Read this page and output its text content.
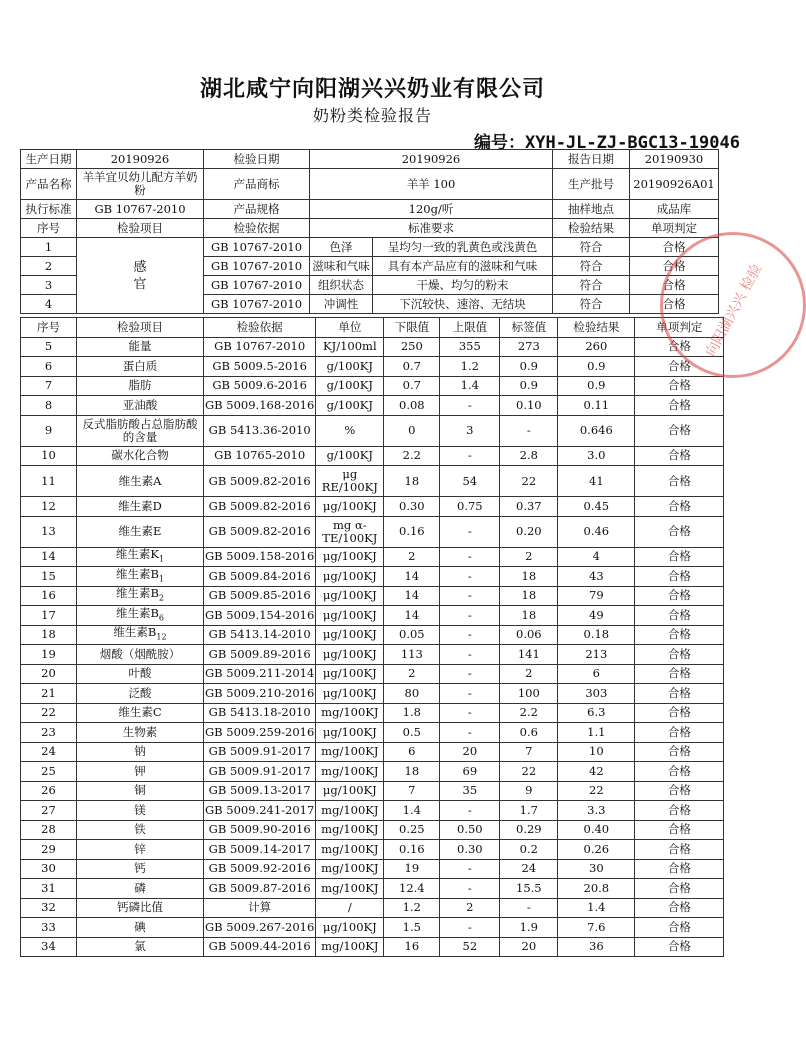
湖北咸宁向阳湖兴兴奶业有限公司
奶粉类检验报告
编号：XYH-JL-ZJ-BGC13-19046
生产日期	20190926	检验日期	20190926		报告日期	20190930
产品名称	羊羊宜贝幼儿配方羊奶粉	产品商标	羊羊 100		生产批号	20190926A01
执行标准	GB 10767-2010	产品规格	120g/听		抽样地点	成品库
序号	检验项目	检验依据	标准要求		检验结果	单项判定
1	感官	GB 10767-2010	色泽	呈均匀一致的乳黄色或浅黄色	符合	合格
2		GB 10767-2010	滋味和气味	具有本产品应有的滋味和气味	符合	合格
3		GB 10767-2010	组织状态	干燥、均匀的粉末	符合	合格
4		GB 10767-2010	冲调性	下沉较快、速溶、无结块	符合	合格
序号	检验项目	检验依据	单位	下限值	上限值	标签值	检验结果	单项判定
5	能量	GB 10767-2010	KJ/100ml	250	355	273	260	合格
6	蛋白质	GB 5009.5-2016	g/100KJ	0.7	1.2	0.9	0.9	合格
7	脂肪	GB 5009.6-2016	g/100KJ	0.7	1.4	0.9	0.9	合格
8	亚油酸	GB 5009.168-2016	g/100KJ	0.08	-	0.10	0.11	合格
9	反式脂肪酸占总脂肪酸的含量	GB 5413.36-2010	%	0	3	-	0.646	合格
10	碳水化合物	GB 10765-2010	g/100KJ	2.2	-	2.8	3.0	合格
11	维生素A	GB 5009.82-2016	μg RE/100KJ	18	54	22	41	合格
12	维生素D	GB 5009.82-2016	μg/100KJ	0.30	0.75	0.37	0.45	合格
13	维生素E	GB 5009.82-2016	mg α-TE/100KJ	0.16	-	0.20	0.46	合格
14	维生素$K_1$	GB 5009.158-2016	μg/100KJ	2	-	2	4	合格
15	维生素$B_1$	GB 5009.84-2016	μg/100KJ	14	-	18	43	合格
16	维生素$B_2$	GB 5009.85-2016	μg/100KJ	14	-	18	79	合格
17	维生素$B_6$	GB 5009.154-2016	μg/100KJ	14	-	18	49	合格
18	维生素$B_{12}$	GB 5413.14-2010	μg/100KJ	0.05	-	0.06	0.18	合格
19	烟酸（烟酰胺）	GB 5009.89-2016	μg/100KJ	113	-	141	213	合格
20	叶酸	GB 5009.211-2014	μg/100KJ	2	-	2	6	合格
21	泛酸	GB 5009.210-2016	μg/100KJ	80	-	100	303	合格
22	维生素C	GB 5413.18-2010	mg/100KJ	1.8	-	2.2	6.3	合格
23	生物素	GB 5009.259-2016	μg/100KJ	0.5	-	0.6	1.1	合格
24	钠	GB 5009.91-2017	mg/100KJ	6	20	7	10	合格
25	钾	GB 5009.91-2017	mg/100KJ	18	69	22	42	合格
26	铜	GB 5009.13-2017	μg/100KJ	7	35	9	22	合格
27	镁	GB 5009.241-2017	mg/100KJ	1.4	-	1.7	3.3	合格
28	铁	GB 5009.90-2016	mg/100KJ	0.25	0.50	0.29	0.40	合格
29	锌	GB 5009.14-2017	mg/100KJ	0.16	0.30	0.2	0.26	合格
30	钙	GB 5009.92-2016	mg/100KJ	19	-	24	30	合格
31	磷	GB 5009.87-2016	mg/100KJ	12.4	-	15.5	20.8	合格
32	钙磷比值	计算	/	1.2	2	-	1.4	合格
33	碘	GB 5009.267-2016	μg/100KJ	1.5	-	1.9	7.6	合格
34	氯	GB 5009.44-2016	mg/100KJ	16	52	20	36	合格
向阳湖兴兴 检验
